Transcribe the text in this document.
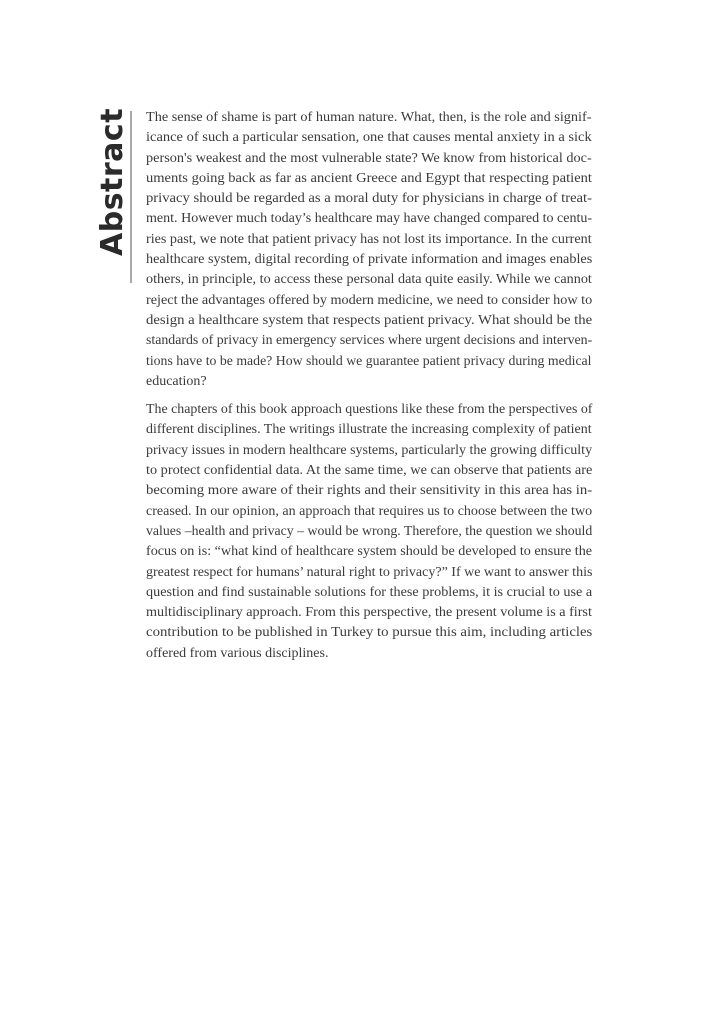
Abstract The sense of shame is part of human nature. What, then, is the role and signif-
icance of such a particular sensation, one that causes mental anxiety in a sick
person's weakest and the most vulnerable state? We know from historical doc-
uments going back as far as ancient Greece and Egypt that respecting patient
privacy should be regarded as a moral duty for physicians in charge of treat-
ment. However much today’s healthcare may have changed compared to centu-
ries past, we note that patient privacy has not lost its importance. In the current
healthcare system, digital recording of private information and images enables
others, in principle, to access these personal data quite easily. While we cannot
reject the advantages offered by modern medicine, we need to consider how to
design a healthcare system that respects patient privacy. What should be the
standards of privacy in emergency services where urgent decisions and interven-
tions have to be made? How should we guarantee patient privacy during medical
education?
The chapters of this book approach questions like these from the perspectives of
different disciplines. The writings illustrate the increasing complexity of patient
privacy issues in modern healthcare systems, particularly the growing difficulty
to protect confidential data. At the same time, we can observe that patients are
becoming more aware of their rights and their sensitivity in this area has in-
creased. In our opinion, an approach that requires us to choose between the two
values –health and privacy – would be wrong. Therefore, the question we should
focus on is: “what kind of healthcare system should be developed to ensure the
greatest respect for humans’ natural right to privacy?” If we want to answer this
question and find sustainable solutions for these problems, it is crucial to use a
multidisciplinary approach. From this perspective, the present volume is a first
contribution to be published in Turkey to pursue this aim, including articles
offered from various disciplines.
